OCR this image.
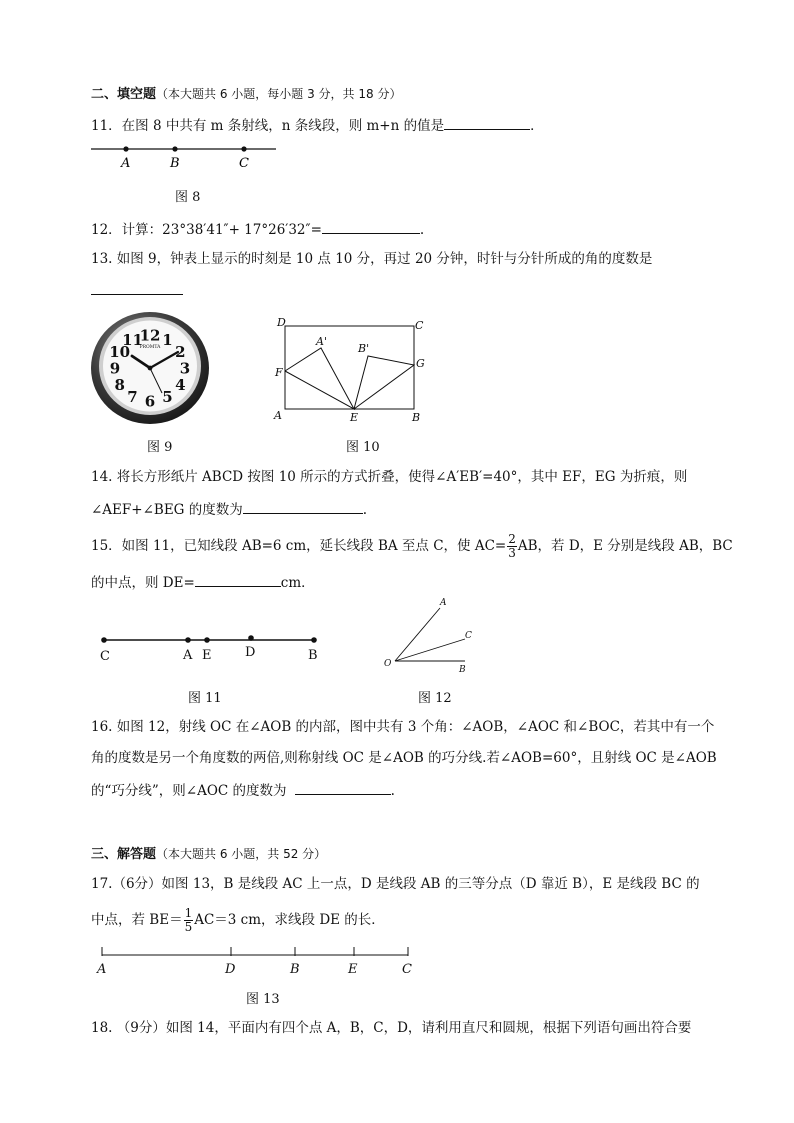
二、填空题（本大题共 6 小题，每小题 3 分，共 18 分）
11．在图 8 中共有 m 条射线，n 条线段，则 m+n 的值是	．
A	B	C
图 8
12．计算：23°38′41″+ 17°26′32″=	.
13. 如图 9，钟表上显示的时刻是 10 点 10 分，再过 20 分钟，时针与分针所成的角的度数是
12 1
2
3
4
5
6
7
8
9
10
11
PROMTA
图 9
D	C
A'
B'
F
G
A	E	B
图 10
14. 将长方形纸片 ABCD 按图 10 所示的方式折叠，使得∠A′EB′=40°，其中 EF，EG 为折痕，则
∠AEF+∠BEG 的度数为	.
15．如图 11，已知线段 AB=6 cm，延长线段 BA 至点 C，使 $AC= \frac{2}{3}$ AB，若 D，E 分别是线段 AB，BC
的中点，则 DE=	cm．
C	A E	D	B
图 11
A
C
O
B
图 12
16. 如图 12，射线 OC 在∠AOB 的内部，图中共有 3 个角：∠AOB，∠AOC 和∠BOC，若其中有一个
角的度数是另一个角度数的两倍,则称射线 OC 是∠AOB 的巧分线.若∠AOB=60°，且射线 OC 是∠AOB
的“巧分线”，则∠AOC 的度数为	.
三、解答题（本大题共 6 小题，共 52 分）
17.（6分）如图 13，B 是线段 AC 上一点，D 是线段 AB 的三等分点（D 靠近 B），E 是线段 BC 的
中点，若 $BE= \frac{1}{5} AC=3$ cm，求线段 DE 的长．
A	D	B	E	C
图 13
18. （9分）如图 14，平面内有四个点 A，B，C，D，请利用直尺和圆规，根据下列语句画出符合要
